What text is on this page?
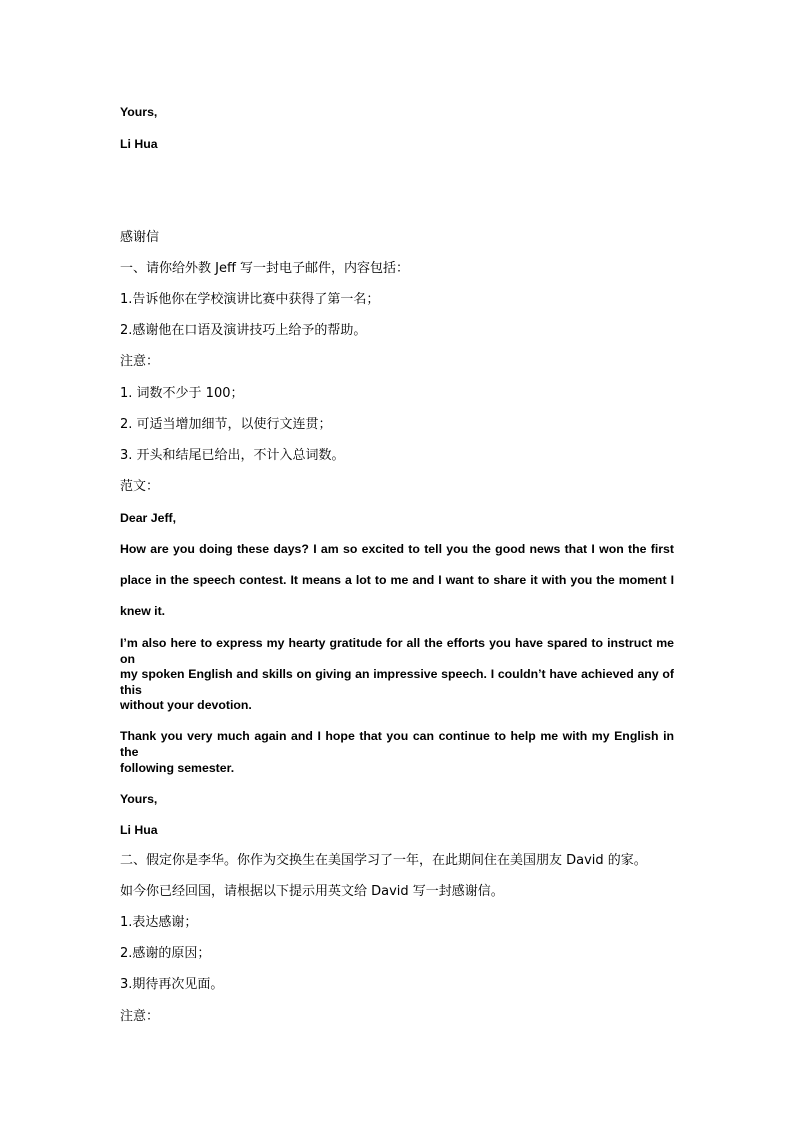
Yours,
Li Hua
感谢信
一、请你给外教 Jeff 写一封电子邮件，内容包括：
1.告诉他你在学校演讲比赛中获得了第一名；
2.感谢他在口语及演讲技巧上给予的帮助。
注意：
1. 词数不少于 100；
2. 可适当增加细节，以使行文连贯；
3. 开头和结尾已给出，不计入总词数。
范文：
Dear Jeff,
How are you doing these days? I am so excited to tell you the good news that I won the first
place in the speech contest. It means a lot to me and I want to share it with you the moment I
knew it.
I’m also here to express my hearty gratitude for all the efforts you have spared to instruct me on
my spoken English and skills on giving an impressive speech. I couldn’t have achieved any of this
without your devotion.
Thank you very much again and I hope that you can continue to help me with my English in the
following semester.
Yours,
Li Hua
二、假定你是李华。你作为交换生在美国学习了一年，在此期间住在美国朋友 David 的家。
如今你已经回国，请根据以下提示用英文给 David 写一封感谢信。
1.表达感谢；
2.感谢的原因；
3.期待再次见面。
注意：
